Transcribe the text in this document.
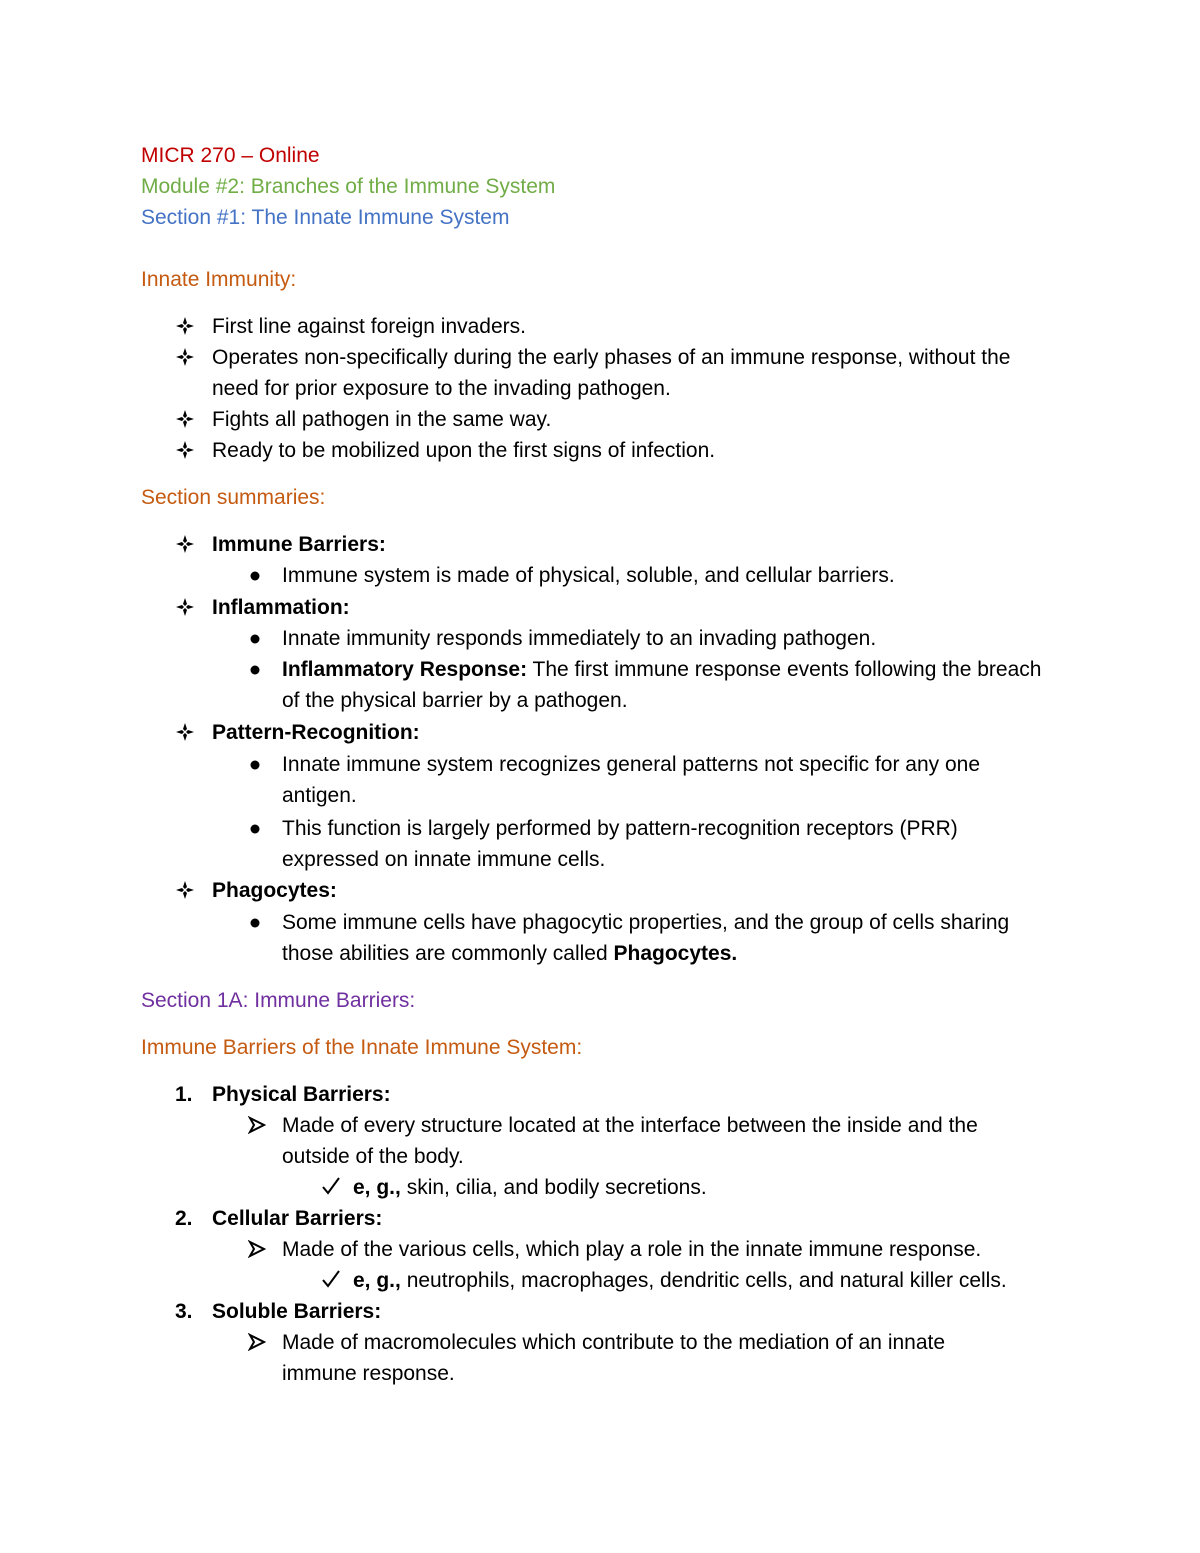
MICR 270 – Online
Module #2: Branches of the Immune System
Section #1: The Innate Immune System
Innate Immunity:
First line against foreign invaders.
Operates non-specifically during the early phases of an immune response, without the
need for prior exposure to the invading pathogen.
Fights all pathogen in the same way.
Ready to be mobilized upon the first signs of infection.
Section summaries:
Immune Barriers:
Immune system is made of physical, soluble, and cellular barriers.
Inflammation:
Innate immunity responds immediately to an invading pathogen.
Inflammatory Response: The first immune response events following the breach
of the physical barrier by a pathogen.
Pattern-Recognition:
Innate immune system recognizes general patterns not specific for any one
antigen.
This function is largely performed by pattern-recognition receptors (PRR)
expressed on innate immune cells.
Phagocytes:
Some immune cells have phagocytic properties, and the group of cells sharing
those abilities are commonly called Phagocytes.
Section 1A: Immune Barriers:
Immune Barriers of the Innate Immune System:
1. Physical Barriers:
Made of every structure located at the interface between the inside and the
outside of the body.
e, g., skin, cilia, and bodily secretions.
2. Cellular Barriers:
Made of the various cells, which play a role in the innate immune response.
e, g., neutrophils, macrophages, dendritic cells, and natural killer cells.
3. Soluble Barriers:
Made of macromolecules which contribute to the mediation of an innate
immune response.
